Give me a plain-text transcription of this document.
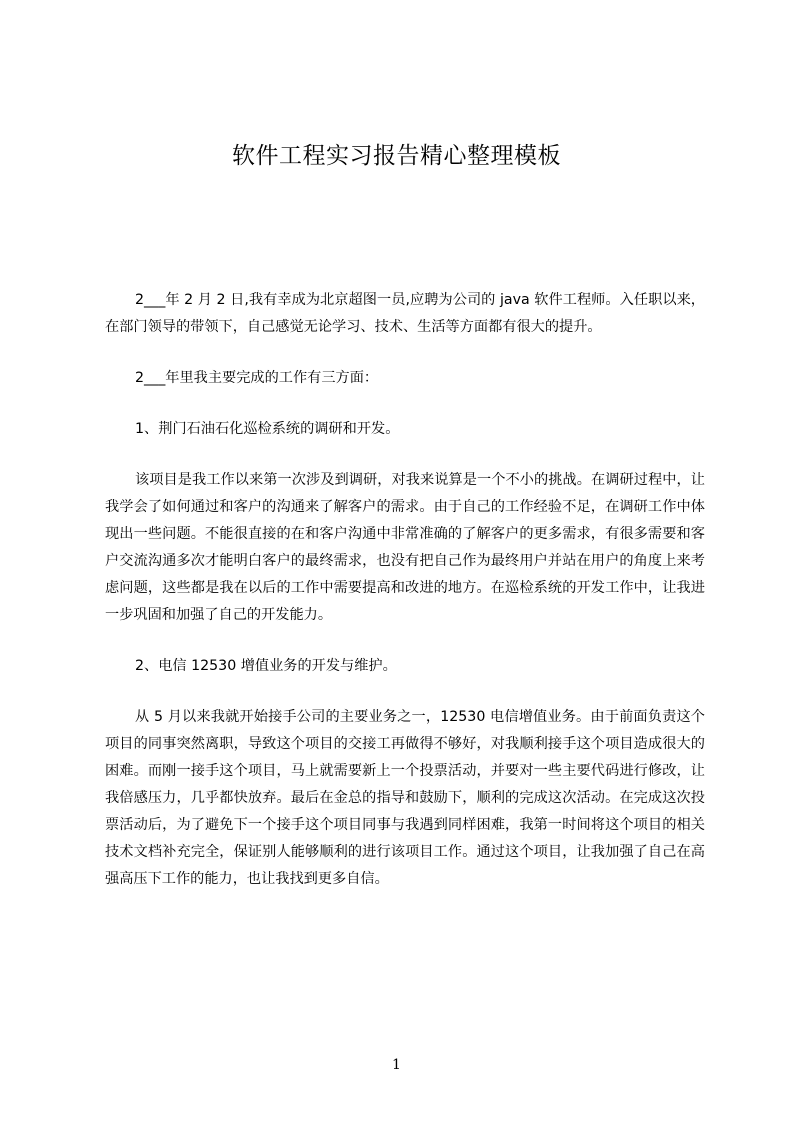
软件工程实习报告精心整理模板

2___年 2 月 2 日,我有幸成为北京超图一员,应聘为公司的 java 软件工程师。入任职以来，在部门领导的带领下，自己感觉无论学习、技术、生活等方面都有很大的提升。

2___年里我主要完成的工作有三方面：

1、荆门石油石化巡检系统的调研和开发。

该项目是我工作以来第一次涉及到调研，对我来说算是一个不小的挑战。在调研过程中，让我学会了如何通过和客户的沟通来了解客户的需求。由于自己的工作经验不足，在调研工作中体现出一些问题。不能很直接的在和客户沟通中非常准确的了解客户的更多需求，有很多需要和客户交流沟通多次才能明白客户的最终需求，也没有把自己作为最终用户并站在用户的角度上来考虑问题，这些都是我在以后的工作中需要提高和改进的地方。在巡检系统的开发工作中，让我进一步巩固和加强了自己的开发能力。

2、电信 12530 增值业务的开发与维护。

从 5 月以来我就开始接手公司的主要业务之一，12530 电信增值业务。由于前面负责这个项目的同事突然离职，导致这个项目的交接工再做得不够好，对我顺利接手这个项目造成很大的困难。而刚一接手这个项目，马上就需要新上一个投票活动，并要对一些主要代码进行修改，让我倍感压力，几乎都快放弃。最后在金总的指导和鼓励下，顺利的完成这次活动。在完成这次投票活动后，为了避免下一个接手这个项目同事与我遇到同样困难，我第一时间将这个项目的相关技术文档补充完全，保证别人能够顺利的进行该项目工作。通过这个项目，让我加强了自己在高强高压下工作的能力，也让我找到更多自信。

1
